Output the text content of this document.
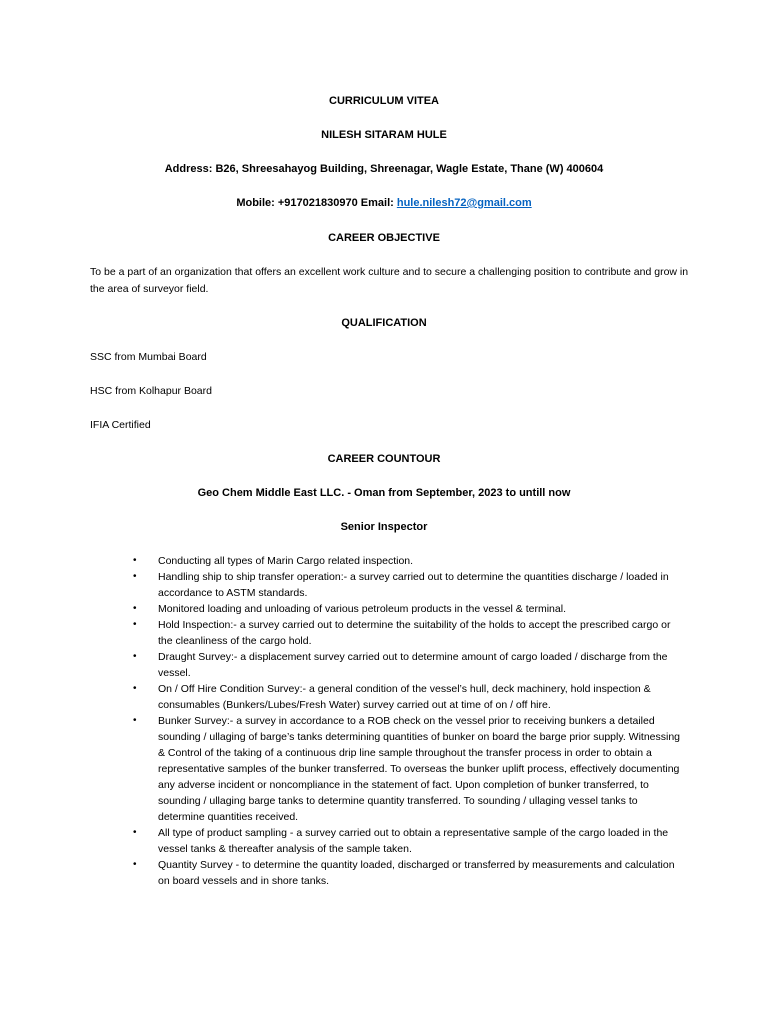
CURRICULUM VITEA
NILESH SITARAM HULE
Address: B26, Shreesahayog Building, Shreenagar, Wagle Estate, Thane (W) 400604
Mobile: +917021830970 Email: hule.nilesh72@gmail.com
CAREER OBJECTIVE
To be a part of an organization that offers an excellent work culture and to secure a challenging position to contribute and grow in the area of surveyor field.
QUALIFICATION
SSC from Mumbai Board
HSC from Kolhapur Board
IFIA Certified
CAREER COUNTOUR
Geo Chem Middle East LLC. - Oman from September, 2023 to untill now
Senior Inspector
• Conducting all types of Marin Cargo related inspection.
• Handling ship to ship transfer operation:- a survey carried out to determine the quantities discharge / loaded in accordance to ASTM standards.
• Monitored loading and unloading of various petroleum products in the vessel & terminal.
• Hold Inspection:- a survey carried out to determine the suitability of the holds to accept the prescribed cargo or the cleanliness of the cargo hold.
• Draught Survey:- a displacement survey carried out to determine amount of cargo loaded / discharge from the vessel.
• On / Off Hire Condition Survey:- a general condition of the vessel’s hull, deck machinery, hold inspection & consumables (Bunkers/Lubes/Fresh Water) survey carried out at time of on / off hire.
• Bunker Survey:- a survey in accordance to a ROB check on the vessel prior to receiving bunkers a detailed sounding / ullaging of barge’s tanks determining quantities of bunker on board the barge prior supply. Witnessing & Control of the taking of a continuous drip line sample throughout the transfer process in order to obtain a representative samples of the bunker transferred. To overseas the bunker uplift process, effectively documenting any adverse incident or noncompliance in the statement of fact. Upon completion of bunker transferred, to sounding / ullaging barge tanks to determine quantity transferred. To sounding / ullaging vessel tanks to determine quantities received.
• All type of product sampling - a survey carried out to obtain a representative sample of the cargo loaded in the vessel tanks & thereafter analysis of the sample taken.
• Quantity Survey - to determine the quantity loaded, discharged or transferred by measurements and calculation on board vessels and in shore tanks.
